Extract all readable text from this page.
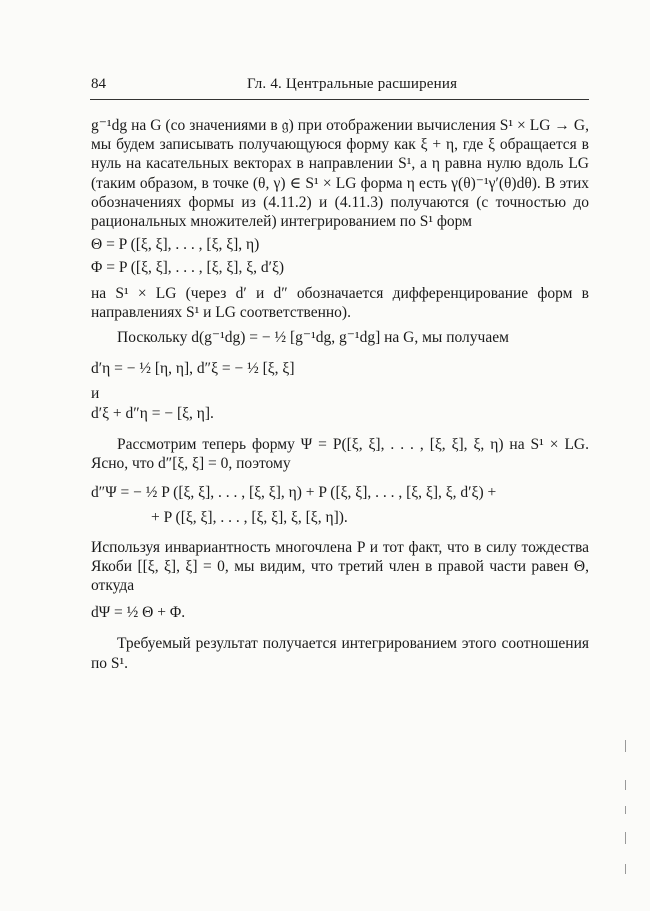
84	Гл. 4. Центральные расширения

g⁻¹dg на G (со значениями в 𝔤) при отображении вычисления S¹ × LG → G, мы будем записывать получающуюся форму как ξ + η, где ξ обращается в нуль на касательных векторах в направлении S¹, а η равна нулю вдоль LG (таким образом, в точке (θ, γ) ∈ S¹ × LG форма η есть γ(θ)⁻¹γ′(θ)dθ). В этих обозначениях формы из (4.11.2) и (4.11.3) получаются (с точностью до рациональных множителей) интегрированием по S¹ форм

Θ = P ([ξ, ξ], . . . , [ξ, ξ], η)

Φ = P ([ξ, ξ], . . . , [ξ, ξ], ξ, d′ξ)

на S¹ × LG (через d′ и d″ обозначается дифференцирование форм в направлениях S¹ и LG соответственно).

Поскольку d(g⁻¹dg) = − ½ [g⁻¹dg, g⁻¹dg] на G, мы получаем

d′η = − ½ [η, η], d″ξ = − ½ [ξ, ξ]

и

d′ξ + d″η = − [ξ, η].

Рассмотрим теперь форму Ψ = P([ξ, ξ], . . . , [ξ, ξ], ξ, η) на S¹ × LG. Ясно, что d″[ξ, ξ] = 0, поэтому

d″Ψ = − ½ P ([ξ, ξ], . . . , [ξ, ξ], η) + P ([ξ, ξ], . . . , [ξ, ξ], ξ, d′ξ) +

+ P ([ξ, ξ], . . . , [ξ, ξ], ξ, [ξ, η]).

Используя инвариантность многочлена P и тот факт, что в силу тождества Якоби [[ξ, ξ], ξ] = 0, мы видим, что третий член в правой части равен Θ, откуда

dΨ = ½ Θ + Φ.

Требуемый результат получается интегрированием этого соотношения по S¹.
